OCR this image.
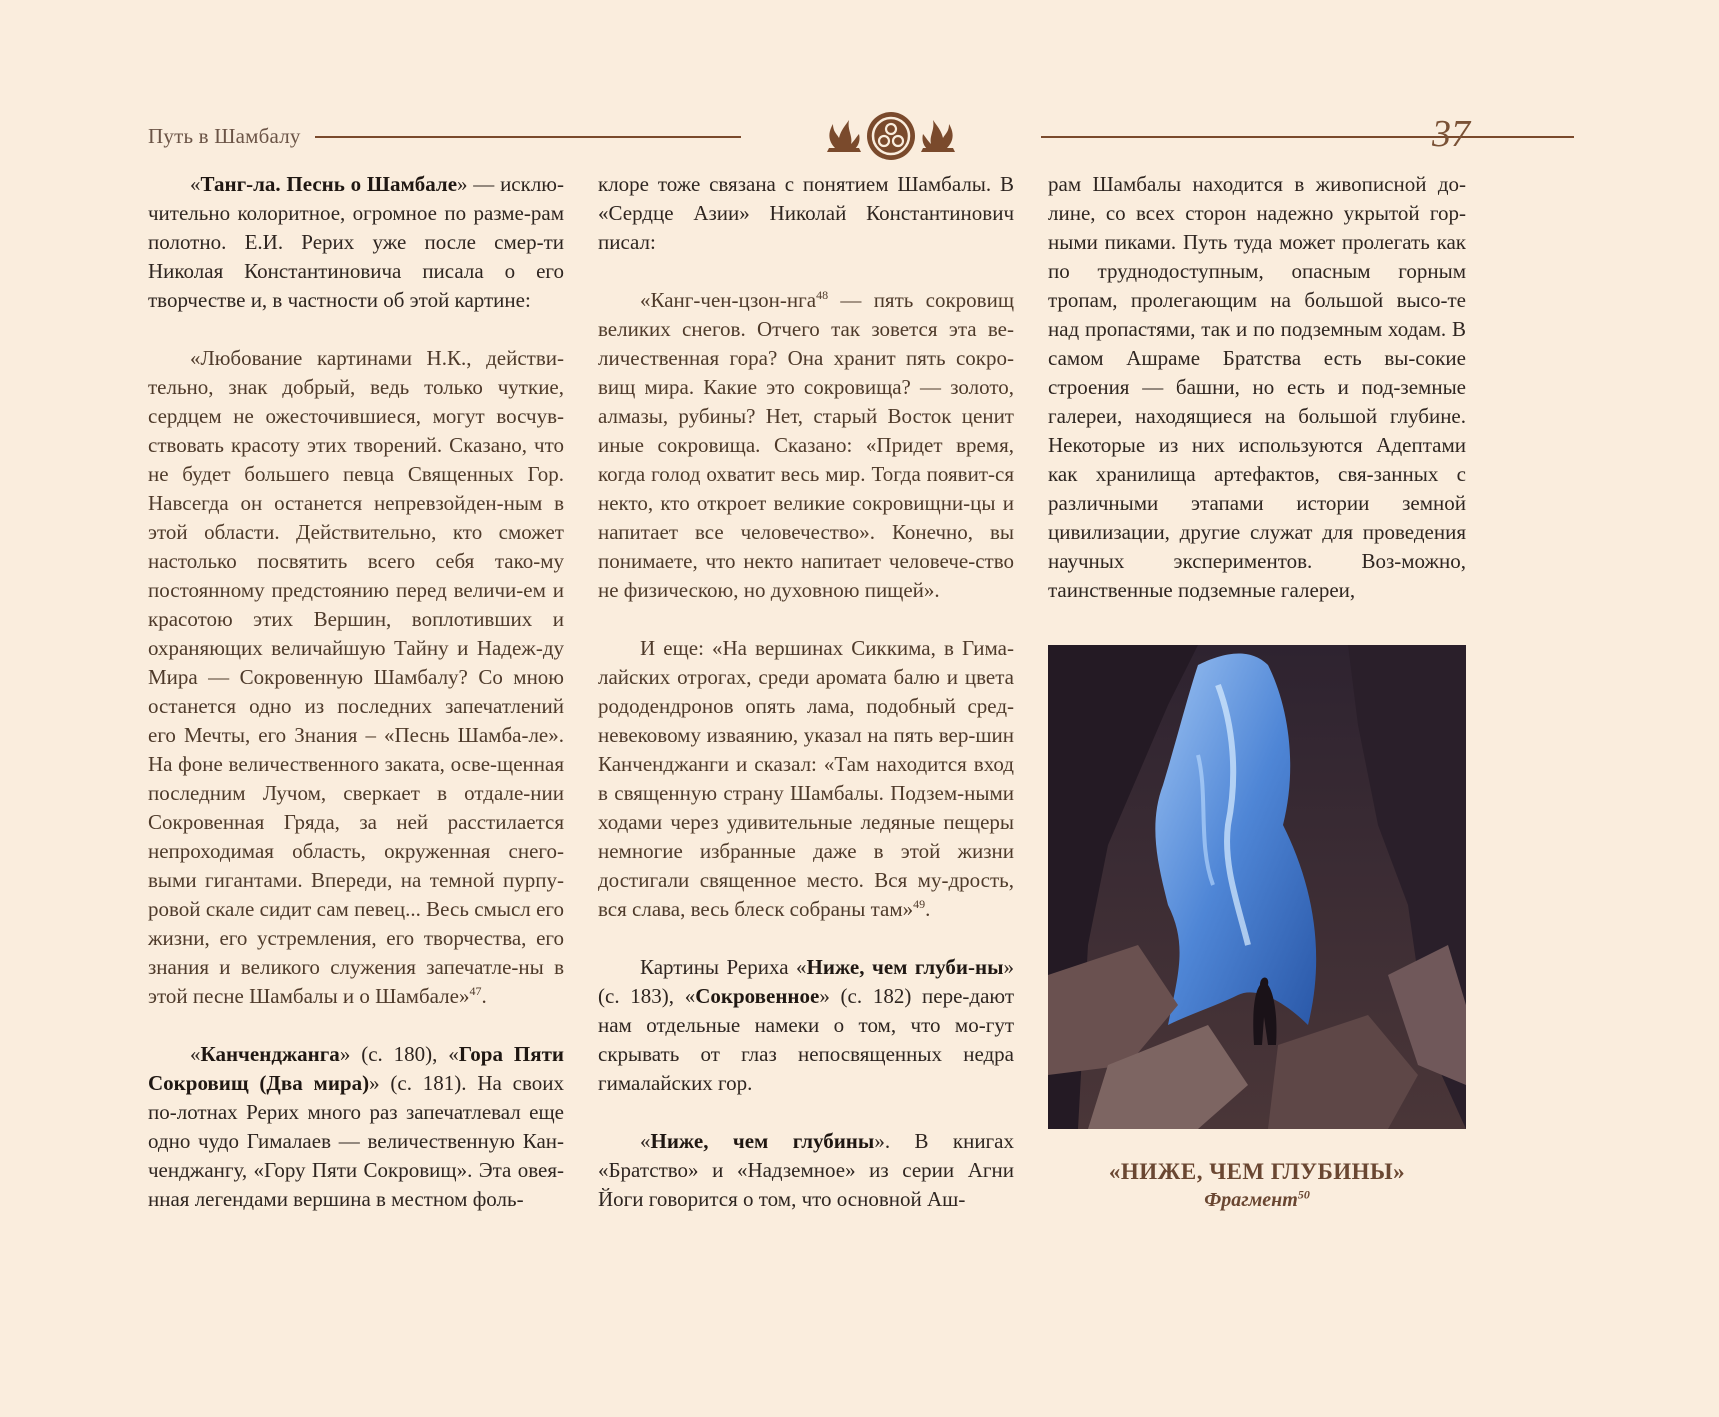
Путь в Шамбалу	37

«Танг-ла. Песнь о Шамбале» — исклю-чительно колоритное, огромное по разме-рам полотно. Е.И. Рерих уже после смер-ти Николая Константиновича писала о его творчестве и, в частности об этой картине:

«Любование картинами Н.К., действи-тельно, знак добрый, ведь только чуткие, сердцем не ожесточившиеся, могут восчув-ствовать красоту этих творений. Сказано, что не будет большего певца Священных Гор. Навсегда он останется непревзойден-ным в этой области. Действительно, кто сможет настолько посвятить всего себя тако-му постоянному предстоянию перед величи-ем и красотою этих Вершин, воплотивших и охраняющих величайшую Тайну и Надеж-ду Мира — Сокровенную Шамбалу? Со мною останется одно из последних запечатлений его Мечты, его Знания – «Песнь Шамба-ле». На фоне величественного заката, осве-щенная последним Лучом, сверкает в отдале-нии Сокровенная Гряда, за ней расстилается непроходимая область, окруженная снего-выми гигантами. Впереди, на темной пурпу-ровой скале сидит сам певец... Весь смысл его жизни, его устремления, его творчества, его знания и великого служения запечатле-ны в этой песне Шамбалы и о Шамбале»$^{47}$.

«Канченджанга» (с. 180), «Гора Пяти Сокровищ (Два мира)» (с. 181). На своих по-лотнах Рерих много раз запечатлевал еще одно чудо Гималаев — величественную Кан-ченджангу, «Гору Пяти Сокровищ». Эта овея-нная легендами вершина в местном фоль-

клоре тоже связана с понятием Шамбалы. В «Сердце Азии» Николай Константинович писал:

«Канг-чен-цзон-нга$^{48}$ — пять сокровищ великих снегов. Отчего так зовется эта ве-личественная гора? Она хранит пять сокро-вищ мира. Какие это сокровища? — золото, алмазы, рубины? Нет, старый Восток ценит иные сокровища. Сказано: «Придет время, когда голод охватит весь мир. Тогда появит-ся некто, кто откроет великие сокровищни-цы и напитает все человечество». Конечно, вы понимаете, что некто напитает человече-ство не физическою, но духовною пищей».

И еще: «На вершинах Сиккима, в Гима-лайских отрогах, среди аромата балю и цвета рододендронов опять лама, подобный сред-невековому изваянию, указал на пять вер-шин Канченджанги и сказал: «Там находится вход в священную страну Шамбалы. Подзем-ными ходами через удивительные ледяные пещеры немногие избранные даже в этой жизни достигали священное место. Вся му-дрость, вся слава, весь блеск собраны там»$^{49}$.

Картины Рериха «Ниже, чем глуби-ны» (с. 183), «Сокровенное» (с. 182) пере-дают нам отдельные намеки о том, что мо-гут скрывать от глаз непосвященных недра гималайских гор.

«Ниже, чем глубины». В книгах «Братство» и «Надземное» из серии Агни Йоги говорится о том, что основной Аш-

рам Шамбалы находится в живописной до-лине, со всех сторон надежно укрытой гор-ными пиками. Путь туда может пролегать как по труднодоступным, опасным горным тропам, пролегающим на большой высо-те над пропастями, так и по подземным ходам. В самом Ашраме Братства есть вы-сокие строения — башни, но есть и под-земные галереи, находящиеся на большой глубине. Некоторые из них используются Адептами как хранилища артефактов, свя-занных с различными этапами истории земной цивилизации, другие служат для проведения научных экспериментов. Воз-можно, таинственные подземные галереи,

«НИЖЕ, ЧЕМ ГЛУБИНЫ»
Фрагмент$^{50}$
